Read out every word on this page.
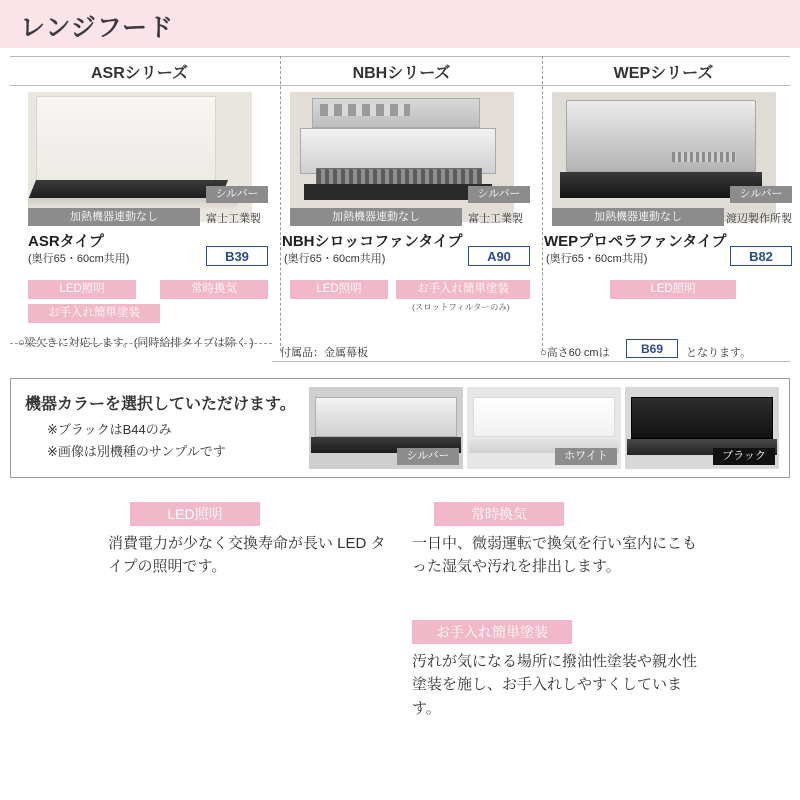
レンジフード
ASRシリーズ
加熱機器連動なし
シルバー
富士工業製
ASRタイプ
(奥行65・60cm共用)	B39
LED照明	常時換気
お手入れ簡単塗装
○梁欠きに対応します。(同時給排タイプは除く )
NBHシリーズ
加熱機器連動なし
シルバー
富士工業製
NBHシロッコファンタイプ
(奥行65・60cm共用)	A90
LED照明	お手入れ簡単塗装
(スロットフィルターのみ)
付属品：金属幕板
WEPシリーズ
加熱機器連動なし
シルバー
渡辺製作所製
WEPプロペラファンタイプ
(奥行65・60cm共用)	B82
LED照明
○高さ60 cmは	B69	となります。
機器カラーを選択していただけます。
※ブラックはB44のみ
※画像は別機種のサンプルです	シルバー	ホワイト	ブラック
LED照明
消費電力が少なく交換寿命が長い LED タイプの照明です。
常時換気
一日中、微弱運転で換気を行い室内にこもった湿気や汚れを排出します。
お手入れ簡単塗装
汚れが気になる場所に撥油性塗装や親水性塗装を施し、お手入れしやすくしています。
